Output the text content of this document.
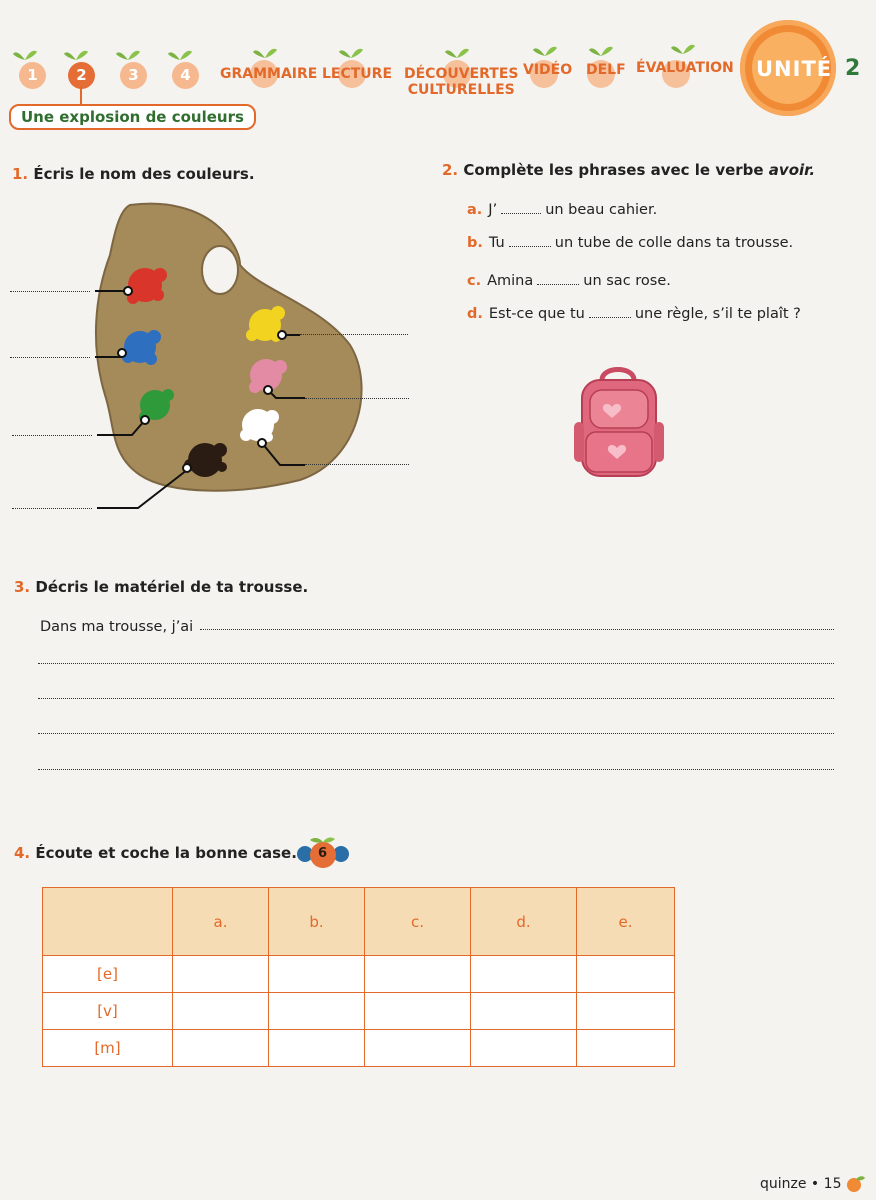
1	2	3	4	GRAMMAIRE LECTURE DÉCOUVERTES
CULTURELLES
VIDÉO DELF ÉVALUATION UNITÉ 2
Une explosion de couleurs
1. Écris le nom des couleurs.	2. Complète les phrases avec le verbe avoir.
a. J’	un beau cahier.
b. Tu	un tube de colle dans ta trousse.
c. Amina	un sac rose.
d. Est-ce que tu	une règle, s’il te plaît ?
3. Décris le matériel de ta trousse.
Dans ma trousse, j’ai
4. Écoute et coche la bonne case. 6
	a.	b.	c.	d.	e.
[e]					
[v]					
[m]					
quinze • 15
